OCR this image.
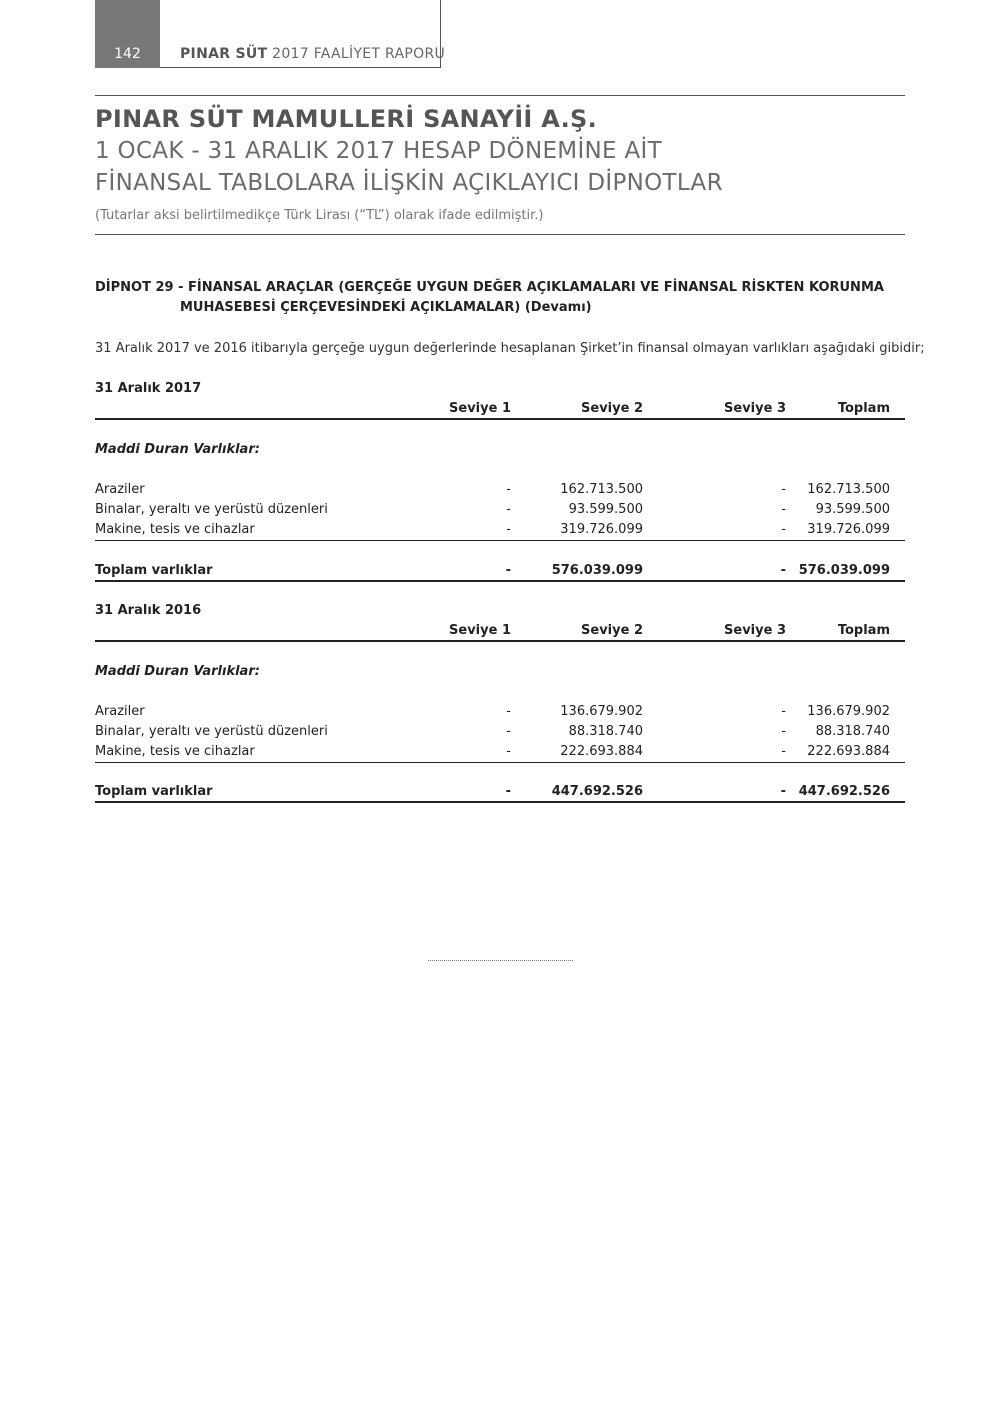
142	PINAR SÜT 2017 FAALİYET RAPORU
PINAR SÜT MAMULLERİ SANAYİİ A.Ş.
1 OCAK - 31 ARALIK 2017 HESAP DÖNEMİNE AİT
FİNANSAL TABLOLARA İLİŞKİN AÇIKLAYICI DİPNOTLAR
(Tutarlar aksi belirtilmedikçe Türk Lirası (“TL”) olarak ifade edilmiştir.)
DİPNOT 29 - FİNANSAL ARAÇLAR (GERÇEĞE UYGUN DEĞER AÇIKLAMALARI VE FİNANSAL RİSKTEN KORUNMA
MUHASEBESİ ÇERÇEVESİNDEKİ AÇIKLAMALAR) (Devamı)
31 Aralık 2017 ve 2016 itibarıyla gerçeğe uygun değerlerinde hesaplanan Şirket’in finansal olmayan varlıkları aşağıdaki gibidir;
31 Aralık 2017
Seviye 1	Seviye 2	Seviye 3	Toplam
Maddi Duran Varlıklar:
Araziler	-	162.713.500	-	162.713.500
Binalar, yeraltı ve yerüstü düzenleri	-	93.599.500	-	93.599.500
Makine, tesis ve cihazlar	-	319.726.099	-	319.726.099
Toplam varlıklar	-	576.039.099	- 576.039.099
31 Aralık 2016
Seviye 1	Seviye 2	Seviye 3	Toplam
Maddi Duran Varlıklar:
Araziler	-	136.679.902	-	136.679.902
Binalar, yeraltı ve yerüstü düzenleri	-	88.318.740	-	88.318.740
Makine, tesis ve cihazlar	-	222.693.884	-	222.693.884
Toplam varlıklar	-	447.692.526	- 447.692.526
